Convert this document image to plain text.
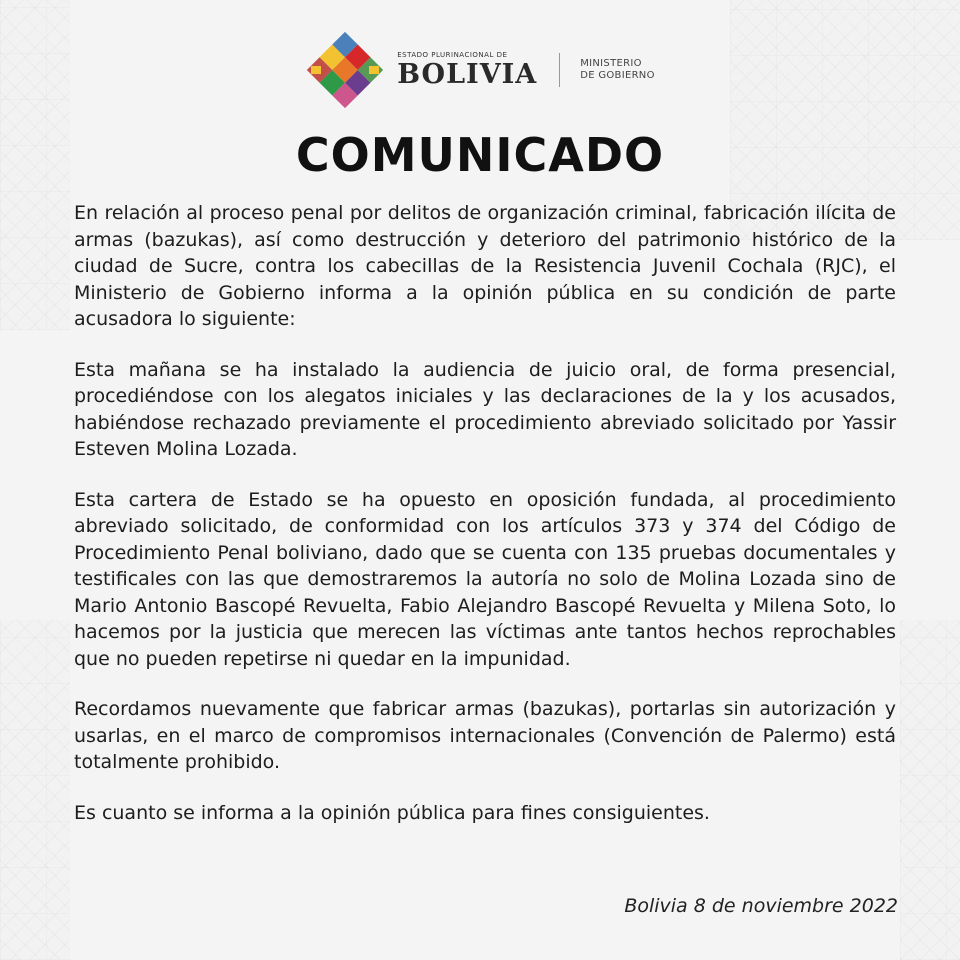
ESTADO PLURINACIONAL DE
BOLIVIA	MINISTERIO
DE GOBIERNO
COMUNICADO

En relación al proceso penal por delitos de organización criminal, fabricación ilícita de armas (bazukas), así como destrucción y deterioro del patrimonio histórico de la ciudad de Sucre, contra los cabecillas de la Resistencia Juvenil Cochala (RJC), el Ministerio de Gobierno informa a la opinión pública en su condición de parte acusadora lo siguiente:

Esta mañana se ha instalado la audiencia de juicio oral, de forma presencial, procediéndose con los alegatos iniciales y las declaraciones de la y los acusados, habiéndose rechazado previamente el procedimiento abreviado solicitado por Yassir Esteven Molina Lozada.

Esta cartera de Estado se ha opuesto en oposición fundada, al procedimiento abreviado solicitado, de conformidad con los artículos 373 y 374 del Código de Procedimiento Penal boliviano, dado que se cuenta con 135 pruebas documentales y testificales con las que demostraremos la autoría no solo de Molina Lozada sino de Mario Antonio Bascopé Revuelta, Fabio Alejandro Bascopé Revuelta y Milena Soto, lo hacemos por la justicia que merecen las víctimas ante tantos hechos reprochables que no pueden repetirse ni quedar en la impunidad.

Recordamos nuevamente que fabricar armas (bazukas), portarlas sin autorización y usarlas, en el marco de compromisos internacionales (Convención de Palermo) está totalmente prohibido.

Es cuanto se informa a la opinión pública para fines consiguientes.

Bolivia 8 de noviembre 2022
